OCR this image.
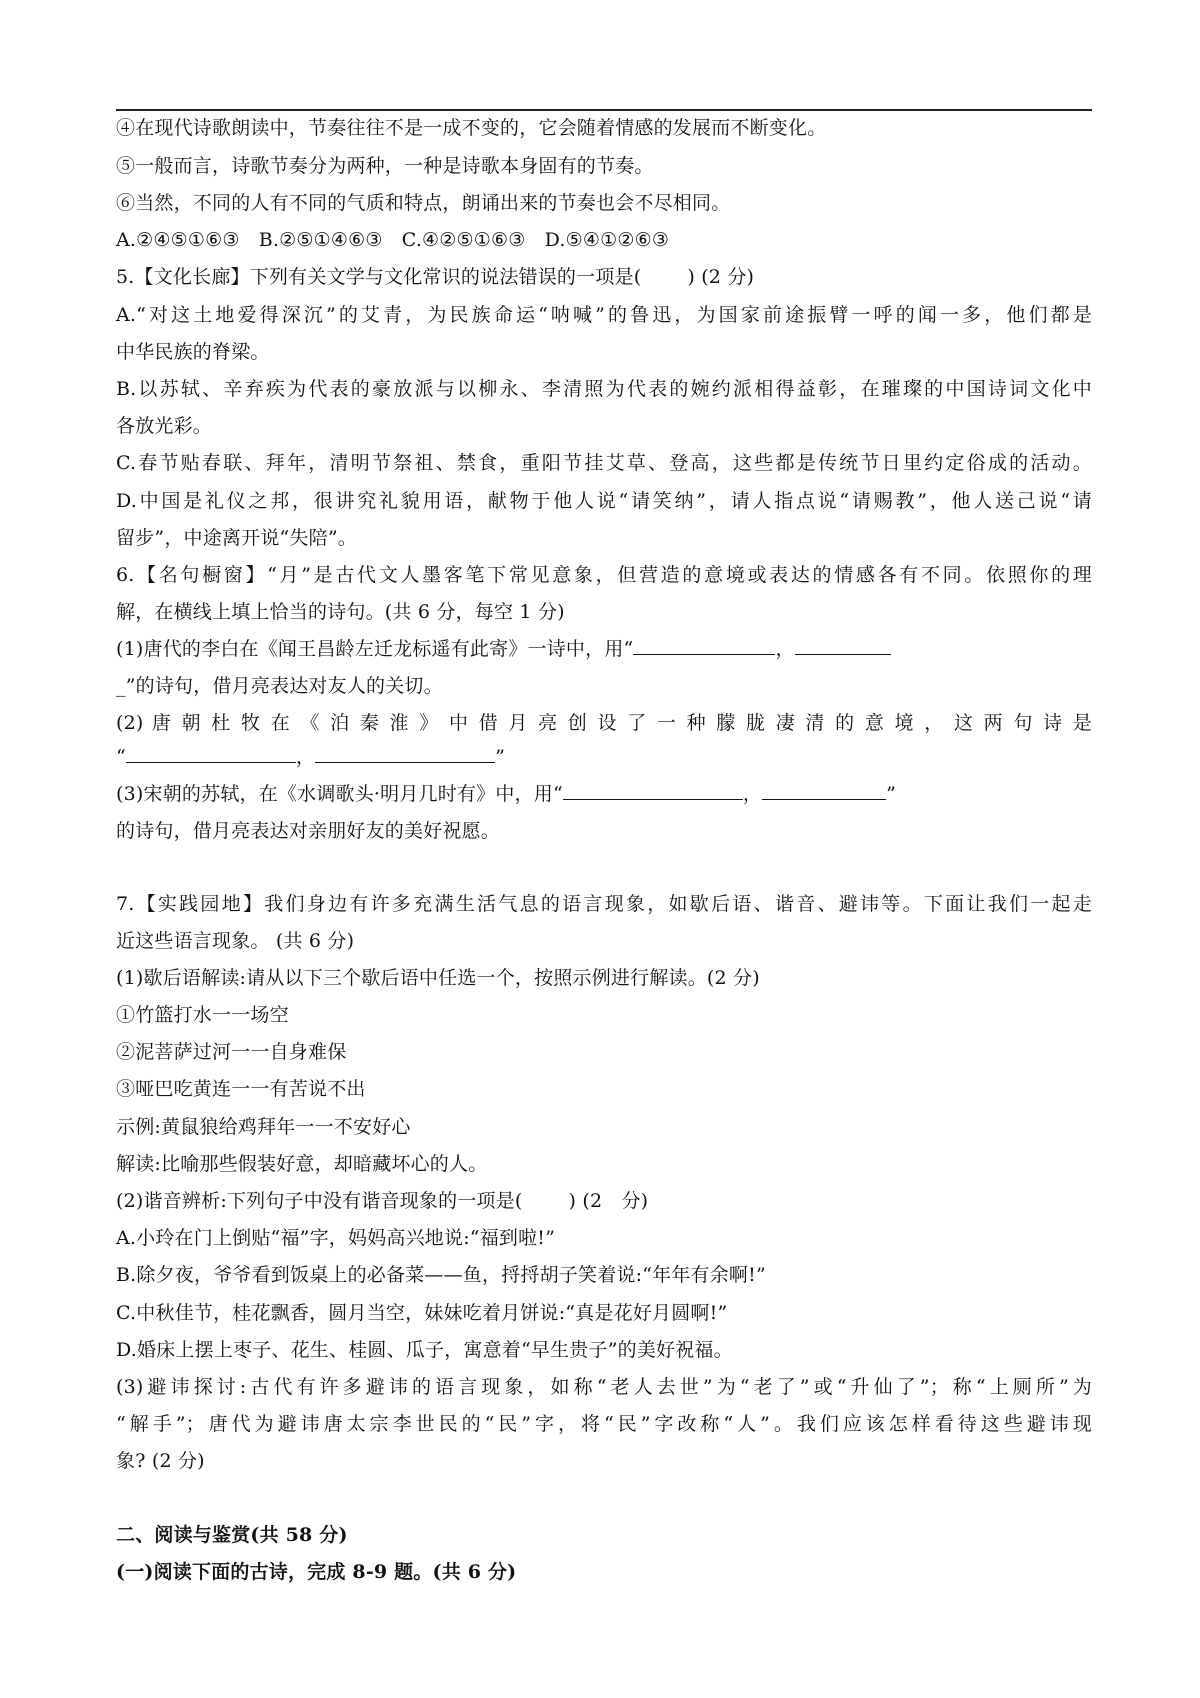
④在现代诗歌朗读中，节奏往往不是一成不变的，它会随着情感的发展而不断变化。
⑤一般而言，诗歌节奏分为两种，一种是诗歌本身固有的节奏。
⑥当然，不同的人有不同的气质和特点，朗诵出来的节奏也会不尽相同。
A.②④⑤①⑥③　B.②⑤①④⑥③　C.④②⑤①⑥③　D.⑤④①②⑥③
5.【文化长廊】下列有关文学与文化常识的说法错误的一项是( ) (2 分)
A.“对这土地爱得深沉”的艾青，为民族命运“呐喊”的鲁迅，为国家前途振臂一呼的闻一多，他们都是
中华民族的脊梁。
B.以苏轼、辛弃疾为代表的豪放派与以柳永、李清照为代表的婉约派相得益彰，在璀璨的中国诗词文化中
各放光彩。
C.春节贴春联、拜年，清明节祭祖、禁食，重阳节挂艾草、登高，这些都是传统节日里约定俗成的活动。
D.中国是礼仪之邦，很讲究礼貌用语，献物于他人说“请笑纳”，请人指点说“请赐教”，他人送己说“请
留步”，中途离开说“失陪”。
6.【名句橱窗】“月”是古代文人墨客笔下常见意象，但营造的意境或表达的情感各有不同。依照你的理
解，在横线上填上恰当的诗句。(共 6 分，每空 1 分)
(1)唐代的李白在《闻王昌龄左迁龙标遥有此寄》一诗中，用“	，
_”的诗句，借月亮表达对友人的关切。
(2) 唐 朝 杜 牧 在 《 泊 秦 淮 》 中 借 月 亮 创 设 了 一 种 朦 胧 凄 清 的 意 境 ， 这 两 句 诗 是
“	，	”
(3)宋朝的苏轼，在《水调歌头·明月几时有》中，用“	，	”
的诗句，借月亮表达对亲朋好友的美好祝愿。
7.【实践园地】我们身边有许多充满生活气息的语言现象，如歇后语、谐音、避讳等。下面让我们一起走
近这些语言现象。 (共 6 分)
(1)歇后语解读:请从以下三个歇后语中任选一个，按照示例进行解读。(2 分)
①竹篮打水一一场空
②泥菩萨过河一一自身难保
③哑巴吃黄连一一有苦说不出
示例:黄鼠狼给鸡拜年一一不安好心
解读:比喻那些假装好意，却暗藏坏心的人。
(2)谐音辨析:下列句子中没有谐音现象的一项是( ) (2　分)
A.小玲在门上倒贴“福”字，妈妈高兴地说:“福到啦!”
B.除夕夜，爷爷看到饭桌上的必备菜——鱼，捋捋胡子笑着说:“年年有余啊!”
C.中秋佳节，桂花飘香，圆月当空，妹妹吃着月饼说:“真是花好月圆啊!”
D.婚床上摆上枣子、花生、桂圆、瓜子，寓意着“早生贵子”的美好祝福。
(3)避讳探讨:古代有许多避讳的语言现象，如称“老人去世”为“老了”或“升仙了”；称“上厕所”为
“解手”；唐代为避讳唐太宗李世民的“民”字，将“民”字改称“人”。我们应该怎样看待这些避讳现
象? (2 分)
二、阅读与鉴赏(共 58 分)
(一)阅读下面的古诗，完成 8-9 题。(共 6 分)
